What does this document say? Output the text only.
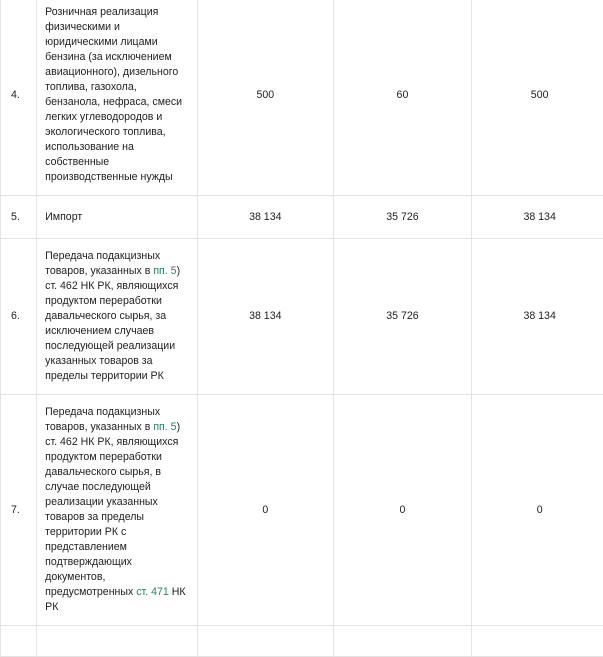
4.	Розничная реализация физическими и юридическими лицами бензина (за исключением авиационного), дизельного топлива, газохола, бензанола, нефраса, смеси легких углеводородов и экологического топлива, использование на собственные производственные нужды	500	60	500
5.	Импорт	38 134	35 726	38 134
6.	Передача подакцизных товаров, указанных в пп. 5) ст. 462 НК РК, являющихся продуктом переработки давальческого сырья, за исключением случаев последующей реализации указанных товаров за пределы территории РК	38 134	35 726	38 134
7.	Передача подакцизных товаров, указанных в пп. 5) ст. 462 НК РК, являющихся продуктом переработки давальческого сырья, в случае последующей реализации указанных товаров за пределы территории РК с представлением подтверждающих документов, предусмотренных ст. 471 НК РК	0	0	0
